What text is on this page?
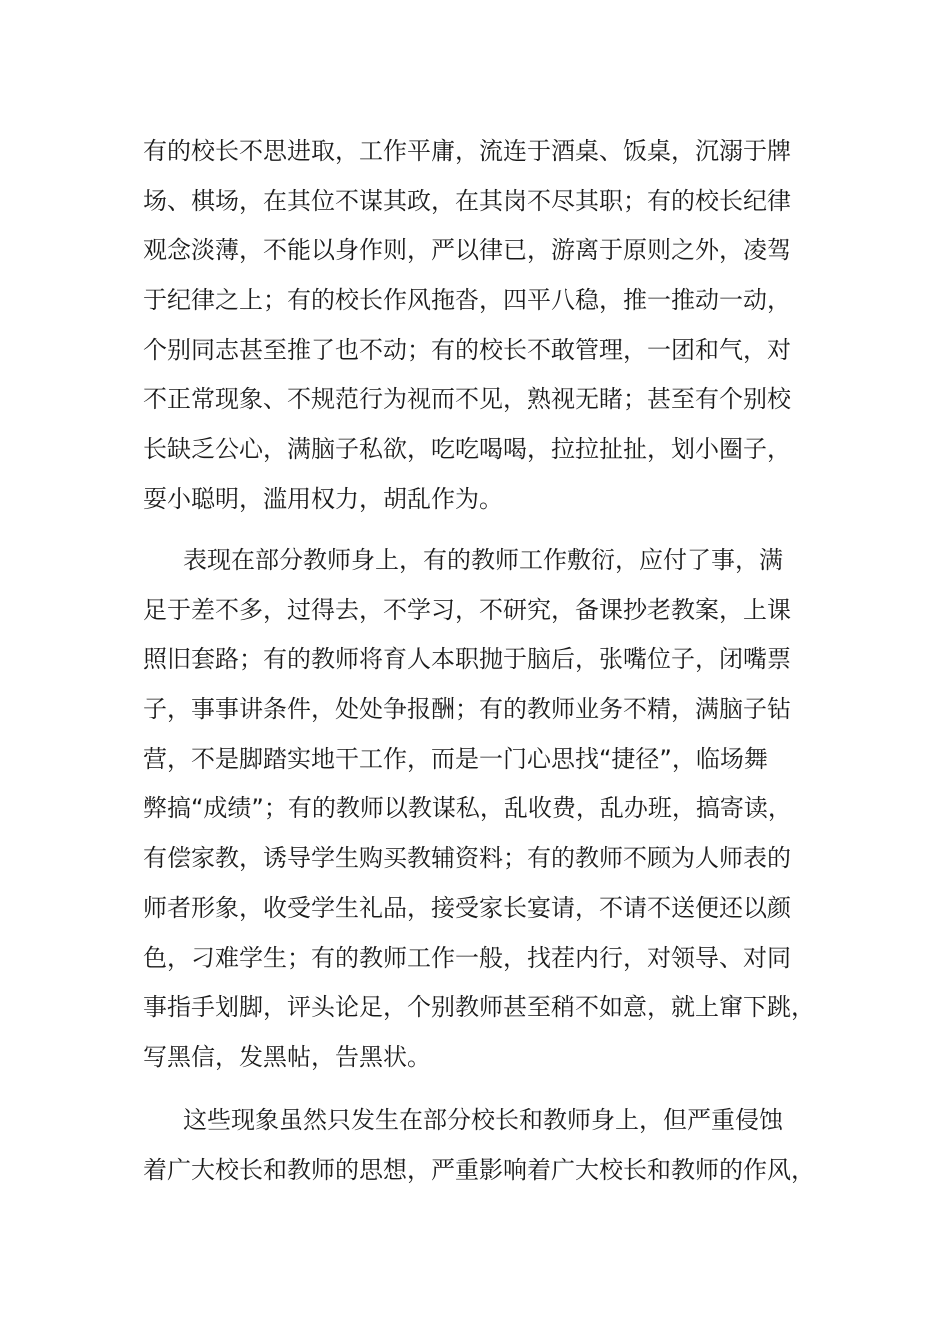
有的校长不思进取，工作平庸，流连于酒桌、饭桌，沉溺于牌
场、棋场，在其位不谋其政，在其岗不尽其职；有的校长纪律
观念淡薄，不能以身作则，严以律已，游离于原则之外，凌驾
于纪律之上；有的校长作风拖沓，四平八稳，推一推动一动，
个别同志甚至推了也不动；有的校长不敢管理，一团和气，对
不正常现象、不规范行为视而不见，熟视无睹；甚至有个别校
长缺乏公心，满脑子私欲，吃吃喝喝，拉拉扯扯，划小圈子，
耍小聪明，滥用权力，胡乱作为。
表现在部分教师身上，有的教师工作敷衍，应付了事，满
足于差不多，过得去，不学习，不研究，备课抄老教案，上课
照旧套路；有的教师将育人本职抛于脑后，张嘴位子，闭嘴票
子，事事讲条件，处处争报酬；有的教师业务不精，满脑子钻
营，不是脚踏实地干工作，而是一门心思找“捷径”，临场舞
弊搞“成绩”；有的教师以教谋私，乱收费，乱办班，搞寄读，
有偿家教，诱导学生购买教辅资料；有的教师不顾为人师表的
师者形象，收受学生礼品，接受家长宴请，不请不送便还以颜
色，刁难学生；有的教师工作一般，找茬内行，对领导、对同
事指手划脚，评头论足，个别教师甚至稍不如意，就上窜下跳，
写黑信，发黑帖，告黑状。
这些现象虽然只发生在部分校长和教师身上，但严重侵蚀
着广大校长和教师的思想，严重影响着广大校长和教师的作风，
